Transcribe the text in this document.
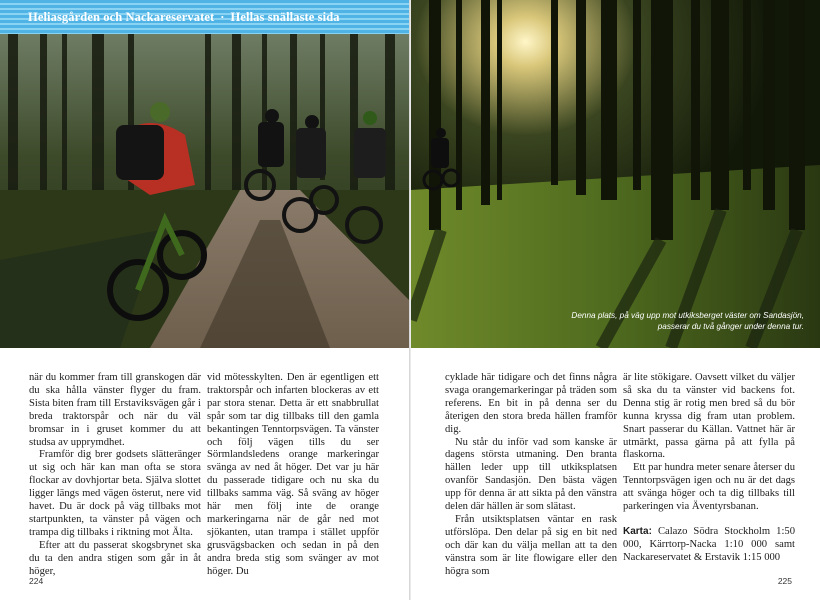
Heliasgården och Nackareservatet · Hellas snällaste sida

när du kommer fram till granskogen där du ska hålla vänster flyger du fram. Sista biten fram till Erstaviksvägen går i breda traktorspår och när du väl bromsar in i gruset kommer du att studsa av upprymdhet.

Framför dig brer godsets slätteränger ut sig och här kan man ofta se stora flockar av dovhjortar beta. Själva slottet ligger längs med vägen österut, nere vid havet. Du är dock på väg tillbaks mot startpunkten, ta vänster på vägen och trampa dig tillbaks i riktning mot Älta.

Efter att du passerat skogsbrynet ska du ta den andra stigen som går in åt höger,

vid mötesskylten. Den är egentligen ett traktorspår och infarten blockeras av ett par stora stenar. Detta är ett snabbrullat spår som tar dig tillbaks till den gamla bekantingen Tenntorpsvägen. Ta vänster och följ vägen tills du ser Sörmlandsledens orange markeringar svänga av ned åt höger. Det var ju här du passerade tidigare och nu ska du tillbaks samma väg. Så sväng av höger här men följ inte de orange markeringarna när de går ned mot sjökanten, utan trampa i stället uppför grusvägsbacken och sedan in på den andra breda stig som svänger av mot höger. Du

224
Denna plats, på väg upp mot utkiksberget väster om Sandasjön, passerar du två gånger under denna tur.

cyklade här tidigare och det finns några svaga orangemarkeringar på träden som referens. En bit in på denna ser du återigen den stora breda hällen framför dig.

Nu står du inför vad som kanske är dagens största utmaning. Den branta hällen leder upp till utkiksplatsen ovanför Sandasjön. Den bästa vägen upp för denna är att sikta på den vänstra delen där hällen är som slätast.

Från utsiktsplatsen väntar en rask utförslöpa. Den delar på sig en bit ned och där kan du välja mellan att ta den vänstra som är lite flowigare eller den högra som

är lite stökigare. Oavsett vilket du väljer så ska du ta vänster vid backens fot. Denna stig är rotig men bred så du bör kunna kryssa dig fram utan problem. Snart passerar du Källan. Vattnet här är utmärkt, passa gärna på att fylla på flaskorna.

Ett par hundra meter senare återser du Tenntorpsvägen igen och nu är det dags att svänga höger och ta dig tillbaks till parkeringen via Äventyrsbanan.

Karta: Calazo Södra Stockholm 1:50 000, Kärrtorp-Nacka 1:10 000 samt Nackareservatet & Erstavik 1:15 000

225
